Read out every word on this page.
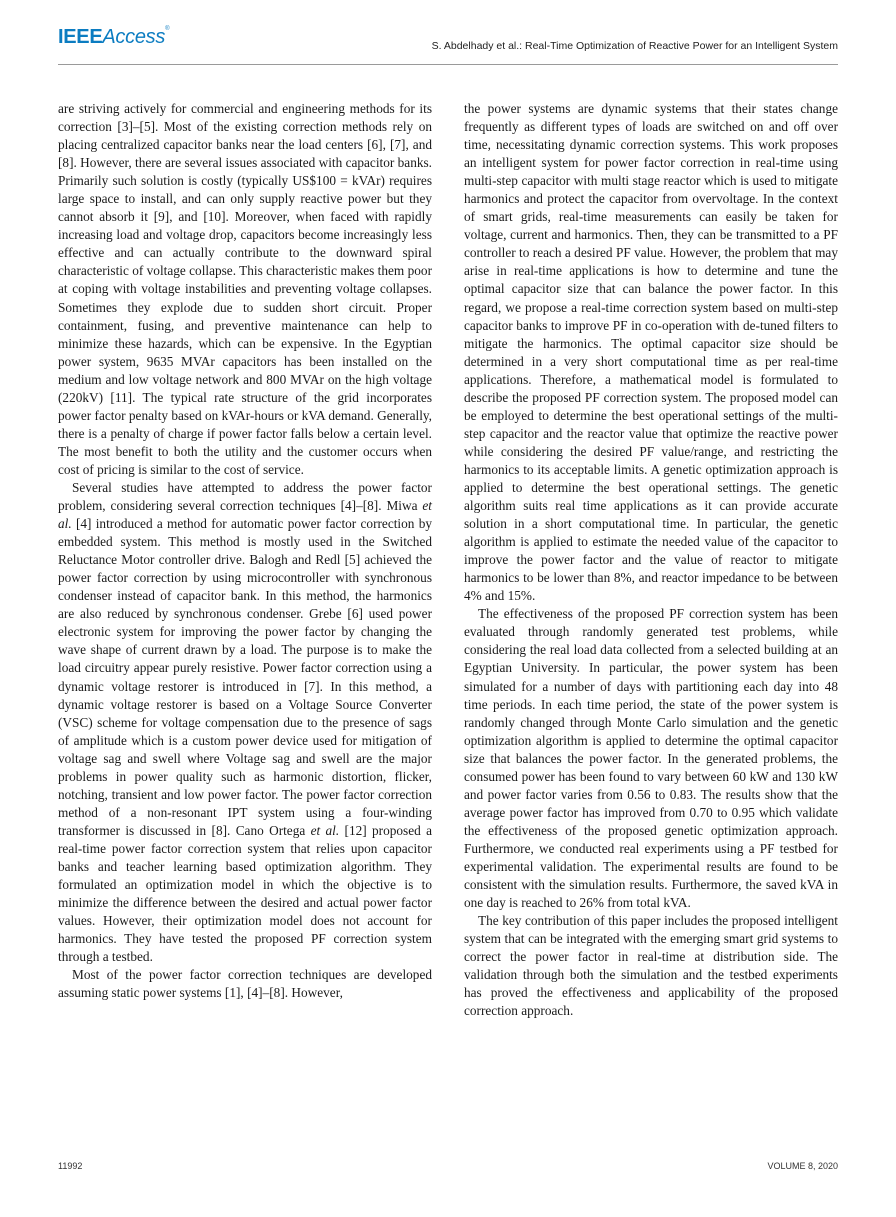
IEEEAccess®
S. Abdelhady et al.: Real-Time Optimization of Reactive Power for an Intelligent System

are striving actively for commercial and engineering methods for its correction [3]–[5]. Most of the existing correction methods rely on placing centralized capacitor banks near the load centers [6], [7], and [8]. However, there are several issues associated with capacitor banks. Primarily such solution is costly (typically US$100 = kVAr) requires large space to install, and can only supply reactive power but they cannot absorb it [9], and [10]. Moreover, when faced with rapidly increasing load and voltage drop, capacitors become increasingly less effective and can actually contribute to the downward spiral characteristic of voltage collapse. This characteristic makes them poor at coping with voltage instabilities and preventing voltage collapses. Sometimes they explode due to sudden short circuit. Proper containment, fusing, and preventive maintenance can help to minimize these hazards, which can be expensive. In the Egyptian power system, 9635 MVAr capacitors has been installed on the medium and low voltage network and 800 MVAr on the high voltage (220kV) [11]. The typical rate structure of the grid incorporates power factor penalty based on kVAr-hours or kVA demand. Generally, there is a penalty of charge if power factor falls below a certain level. The most benefit to both the utility and the customer occurs when cost of pricing is similar to the cost of service.

Several studies have attempted to address the power factor problem, considering several correction techniques [4]–[8]. Miwa et al. [4] introduced a method for automatic power factor correction by embedded system. This method is mostly used in the Switched Reluctance Motor controller drive. Balogh and Redl [5] achieved the power factor correction by using microcontroller with synchronous condenser instead of capacitor bank. In this method, the harmonics are also reduced by synchronous condenser. Grebe [6] used power electronic system for improving the power factor by changing the wave shape of current drawn by a load. The purpose is to make the load circuitry appear purely resistive. Power factor correction using a dynamic voltage restorer is introduced in [7]. In this method, a dynamic voltage restorer is based on a Voltage Source Converter (VSC) scheme for voltage compensation due to the presence of sags of amplitude which is a custom power device used for mitigation of voltage sag and swell where Voltage sag and swell are the major problems in power quality such as harmonic distortion, flicker, notching, transient and low power factor. The power factor correction method of a non-resonant IPT system using a four-winding transformer is discussed in [8]. Cano Ortega et al. [12] proposed a real-time power factor correction system that relies upon capacitor banks and teacher learning based optimization algorithm. They formulated an optimization model in which the objective is to minimize the difference between the desired and actual power factor values. However, their optimization model does not account for harmonics. They have tested the proposed PF correction system through a testbed.

Most of the power factor correction techniques are developed assuming static power systems [1], [4]–[8]. However,

the power systems are dynamic systems that their states change frequently as different types of loads are switched on and off over time, necessitating dynamic correction systems. This work proposes an intelligent system for power factor correction in real-time using multi-step capacitor with multi stage reactor which is used to mitigate harmonics and protect the capacitor from overvoltage. In the context of smart grids, real-time measurements can easily be taken for voltage, current and harmonics. Then, they can be transmitted to a PF controller to reach a desired PF value. However, the problem that may arise in real-time applications is how to determine and tune the optimal capacitor size that can balance the power factor. In this regard, we propose a real-time correction system based on multi-step capacitor banks to improve PF in co-operation with de-tuned filters to mitigate the harmonics. The optimal capacitor size should be determined in a very short computational time as per real-time applications. Therefore, a mathematical model is formulated to describe the proposed PF correction system. The proposed model can be employed to determine the best operational settings of the multi-step capacitor and the reactor value that optimize the reactive power while considering the desired PF value/range, and restricting the harmonics to its acceptable limits. A genetic optimization approach is applied to determine the best operational settings. The genetic algorithm suits real time applications as it can provide accurate solution in a short computational time. In particular, the genetic algorithm is applied to estimate the needed value of the capacitor to improve the power factor and the value of reactor to mitigate harmonics to be lower than 8%, and reactor impedance to be between 4% and 15%.

The effectiveness of the proposed PF correction system has been evaluated through randomly generated test problems, while considering the real load data collected from a selected building at an Egyptian University. In particular, the power system has been simulated for a number of days with partitioning each day into 48 time periods. In each time period, the state of the power system is randomly changed through Monte Carlo simulation and the genetic optimization algorithm is applied to determine the optimal capacitor size that balances the power factor. In the generated problems, the consumed power has been found to vary between 60 kW and 130 kW and power factor varies from 0.56 to 0.83. The results show that the average power factor has improved from 0.70 to 0.95 which validate the effectiveness of the proposed genetic optimization approach. Furthermore, we conducted real experiments using a PF testbed for experimental validation. The experimental results are found to be consistent with the simulation results. Furthermore, the saved kVA in one day is reached to 26% from total kVA.

The key contribution of this paper includes the proposed intelligent system that can be integrated with the emerging smart grid systems to correct the power factor in real-time at distribution side. The validation through both the simulation and the testbed experiments has proved the effectiveness and applicability of the proposed correction approach.

11992	VOLUME 8, 2020
